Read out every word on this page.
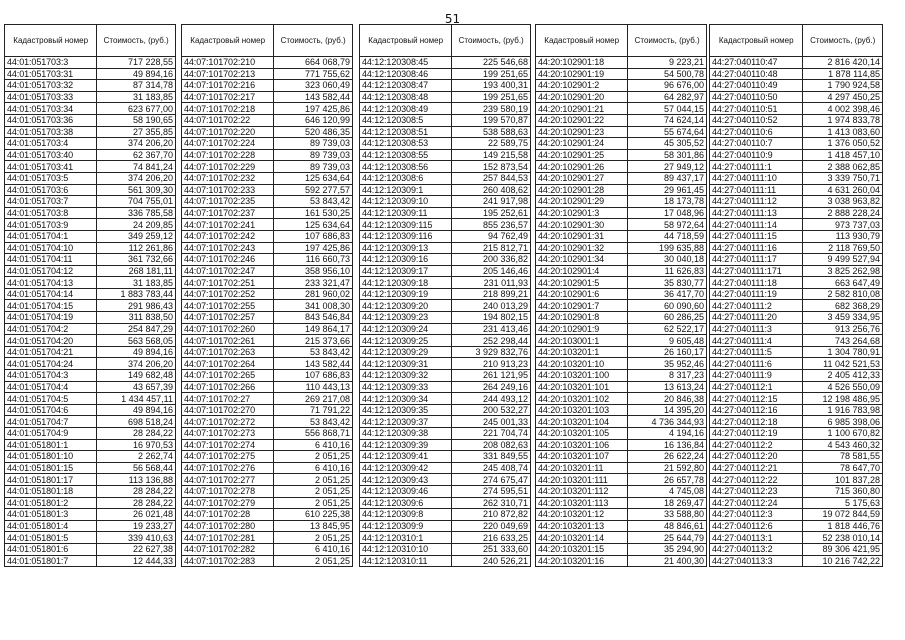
51
Кадастровый номер	Стоимость, (руб.)
44:01:051703:3	717 228,55
44:01:051703:31	49 894,16
44:01:051703:32	87 314,78
44:01:051703:33	31 183,85
44:01:051703:34	623 677,00
44:01:051703:36	58 190,65
44:01:051703:38	27 355,85
44:01:051703:4	374 206,20
44:01:051703:40	62 367,70
44:01:051703:41	74 841,24
44:01:051703:5	374 206,20
44:01:051703:6	561 309,30
44:01:051703:7	704 755,01
44:01:051703:8	336 785,58
44:01:051703:9	24 209,85
44:01:051704:1	349 259,12
44:01:051704:10	112 261,86
44:01:051704:11	361 732,66
44:01:051704:12	268 181,11
44:01:051704:13	31 183,85
44:01:051704:14	1 883 783,44
44:01:051704:15	291 986,43
44:01:051704:19	311 838,50
44:01:051704:2	254 847,29
44:01:051704:20	563 568,05
44:01:051704:21	49 894,16
44:01:051704:24	374 206,20
44:01:051704:3	149 682,48
44:01:051704:4	43 657,39
44:01:051704:5	1 434 457,11
44:01:051704:6	49 894,16
44:01:051704:7	698 518,24
44:01:051704:9	28 284,22
44:01:051801:1	16 970,53
44:01:051801:10	2 262,74
44:01:051801:15	56 568,44
44:01:051801:17	113 136,88
44:01:051801:18	28 284,22
44:01:051801:2	28 284,22
44:01:051801:3	26 021,48
44:01:051801:4	19 233,27
44:01:051801:5	339 410,63
44:01:051801:6	22 627,38
44:01:051801:7	12 444,33
Кадастровый номер	Стоимость, (руб.)
44:07:101702:210	664 068,79
44:07:101702:213	771 755,62
44:07:101702:216	323 060,49
44:07:101702:217	143 582,44
44:07:101702:218	197 425,86
44:07:101702:22	646 120,99
44:07:101702:220	520 486,35
44:07:101702:224	89 739,03
44:07:101702:228	89 739,03
44:07:101702:229	89 739,03
44:07:101702:232	125 634,64
44:07:101702:233	592 277,57
44:07:101702:235	53 843,42
44:07:101702:237	161 530,25
44:07:101702:241	125 634,64
44:07:101702:242	107 686,83
44:07:101702:243	197 425,86
44:07:101702:246	116 660,73
44:07:101702:247	358 956,10
44:07:101702:251	233 321,47
44:07:101702:252	281 960,02
44:07:101702:255	341 008,30
44:07:101702:257	843 546,84
44:07:101702:260	149 864,17
44:07:101702:261	215 373,66
44:07:101702:263	53 843,42
44:07:101702:264	143 582,44
44:07:101702:265	107 686,83
44:07:101702:266	110 443,13
44:07:101702:27	269 217,08
44:07:101702:270	71 791,22
44:07:101702:272	53 843,42
44:07:101702:273	556 868,71
44:07:101702:274	6 410,16
44:07:101702:275	2 051,25
44:07:101702:276	6 410,16
44:07:101702:277	2 051,25
44:07:101702:278	2 051,25
44:07:101702:279	2 051,25
44:07:101702:28	610 225,38
44:07:101702:280	13 845,95
44:07:101702:281	2 051,25
44:07:101702:282	6 410,16
44:07:101702:283	2 051,25
Кадастровый номер	Стоимость, (руб.)
44:12:120308:45	225 546,68
44:12:120308:46	199 251,65
44:12:120308:47	193 400,31
44:12:120308:48	199 251,65
44:12:120308:49	239 580,19
44:12:120308:5	199 570,87
44:12:120308:51	538 588,63
44:12:120308:53	22 589,75
44:12:120308:55	149 215,58
44:12:120308:56	152 873,54
44:12:120308:6	257 844,53
44:12:120309:1	260 408,62
44:12:120309:10	241 917,98
44:12:120309:11	195 252,61
44:12:120309:115	855 236,57
44:12:120309:116	94 762,49
44:12:120309:13	215 812,71
44:12:120309:16	200 336,82
44:12:120309:17	205 146,46
44:12:120309:18	231 011,93
44:12:120309:19	218 899,21
44:12:120309:20	240 013,29
44:12:120309:23	194 802,15
44:12:120309:24	231 413,46
44:12:120309:25	252 298,44
44:12:120309:29	3 929 832,76
44:12:120309:31	210 913,23
44:12:120309:32	261 121,95
44:12:120309:33	264 249,16
44:12:120309:34	244 493,12
44:12:120309:35	200 532,27
44:12:120309:37	245 001,33
44:12:120309:38	221 704,74
44:12:120309:39	208 082,63
44:12:120309:41	331 849,55
44:12:120309:42	245 408,74
44:12:120309:43	274 675,47
44:12:120309:46	274 595,51
44:12:120309:6	262 310,71
44:12:120309:8	210 872,82
44:12:120309:9	220 049,69
44:12:120310:1	216 633,25
44:12:120310:10	251 333,60
44:12:120310:11	240 526,21
Кадастровый номер	Стоимость, (руб.)
44:20:102901:18	9 223,21
44:20:102901:19	54 500,78
44:20:102901:2	96 676,00
44:20:102901:20	64 282,97
44:20:102901:21	57 044,15
44:20:102901:22	74 624,14
44:20:102901:23	55 674,64
44:20:102901:24	45 305,52
44:20:102901:25	58 301,86
44:20:102901:26	27 949,12
44:20:102901:27	89 437,17
44:20:102901:28	29 961,45
44:20:102901:29	18 173,78
44:20:102901:3	17 048,96
44:20:102901:30	58 972,64
44:20:102901:31	44 718,59
44:20:102901:32	199 635,88
44:20:102901:34	30 040,18
44:20:102901:4	11 626,83
44:20:102901:5	35 830,77
44:20:102901:6	36 417,70
44:20:102901:7	60 090,60
44:20:102901:8	60 286,25
44:20:102901:9	62 522,17
44:20:103001:1	9 605,48
44:20:103201:1	26 160,17
44:20:103201:10	35 952,46
44:20:103201:100	8 317,23
44:20:103201:101	13 613,24
44:20:103201:102	20 846,38
44:20:103201:103	14 395,20
44:20:103201:104	4 736 344,93
44:20:103201:105	4 194,16
44:20:103201:106	16 136,84
44:20:103201:107	26 622,24
44:20:103201:11	21 592,80
44:20:103201:111	26 657,78
44:20:103201:112	4 745,08
44:20:103201:113	18 269,47
44:20:103201:12	33 588,80
44:20:103201:13	48 846,61
44:20:103201:14	25 644,79
44:20:103201:15	35 294,90
44:20:103201:16	21 400,30
Кадастровый номер	Стоимость, (руб.)
44:27:040110:47	2 816 420,14
44:27:040110:48	1 878 114,85
44:27:040110:49	1 790 924,58
44:27:040110:50	4 297 450,25
44:27:040110:51	4 002 398,46
44:27:040110:52	1 974 833,78
44:27:040110:6	1 413 083,60
44:27:040110:7	1 376 050,52
44:27:040110:9	1 418 457,10
44:27:040111:1	2 388 062,85
44:27:040111:10	3 339 750,71
44:27:040111:11	4 631 260,04
44:27:040111:12	3 038 963,82
44:27:040111:13	2 888 228,24
44:27:040111:14	973 737,03
44:27:040111:15	113 930,79
44:27:040111:16	2 118 769,50
44:27:040111:17	9 499 527,94
44:27:040111:171	3 825 262,98
44:27:040111:18	663 647,49
44:27:040111:19	2 582 810,08
44:27:040111:2	682 368,29
44:27:040111:20	3 459 334,95
44:27:040111:3	913 256,76
44:27:040111:4	743 264,68
44:27:040111:5	1 304 780,91
44:27:040111:6	11 042 521,53
44:27:040111:9	2 405 412,33
44:27:040112:1	4 526 550,09
44:27:040112:15	12 198 486,95
44:27:040112:16	1 916 783,98
44:27:040112:18	6 985 398,06
44:27:040112:19	1 100 670,82
44:27:040112:2	4 543 460,32
44:27:040112:20	78 581,55
44:27:040112:21	78 647,70
44:27:040112:22	101 837,28
44:27:040112:23	715 360,80
44:27:040112:24	5 175,63
44:27:040112:3	19 072 844,59
44:27:040112:6	1 818 446,76
44:27:040113:1	52 238 010,14
44:27:040113:2	89 306 421,95
44:27:040113:3	10 216 742,22
